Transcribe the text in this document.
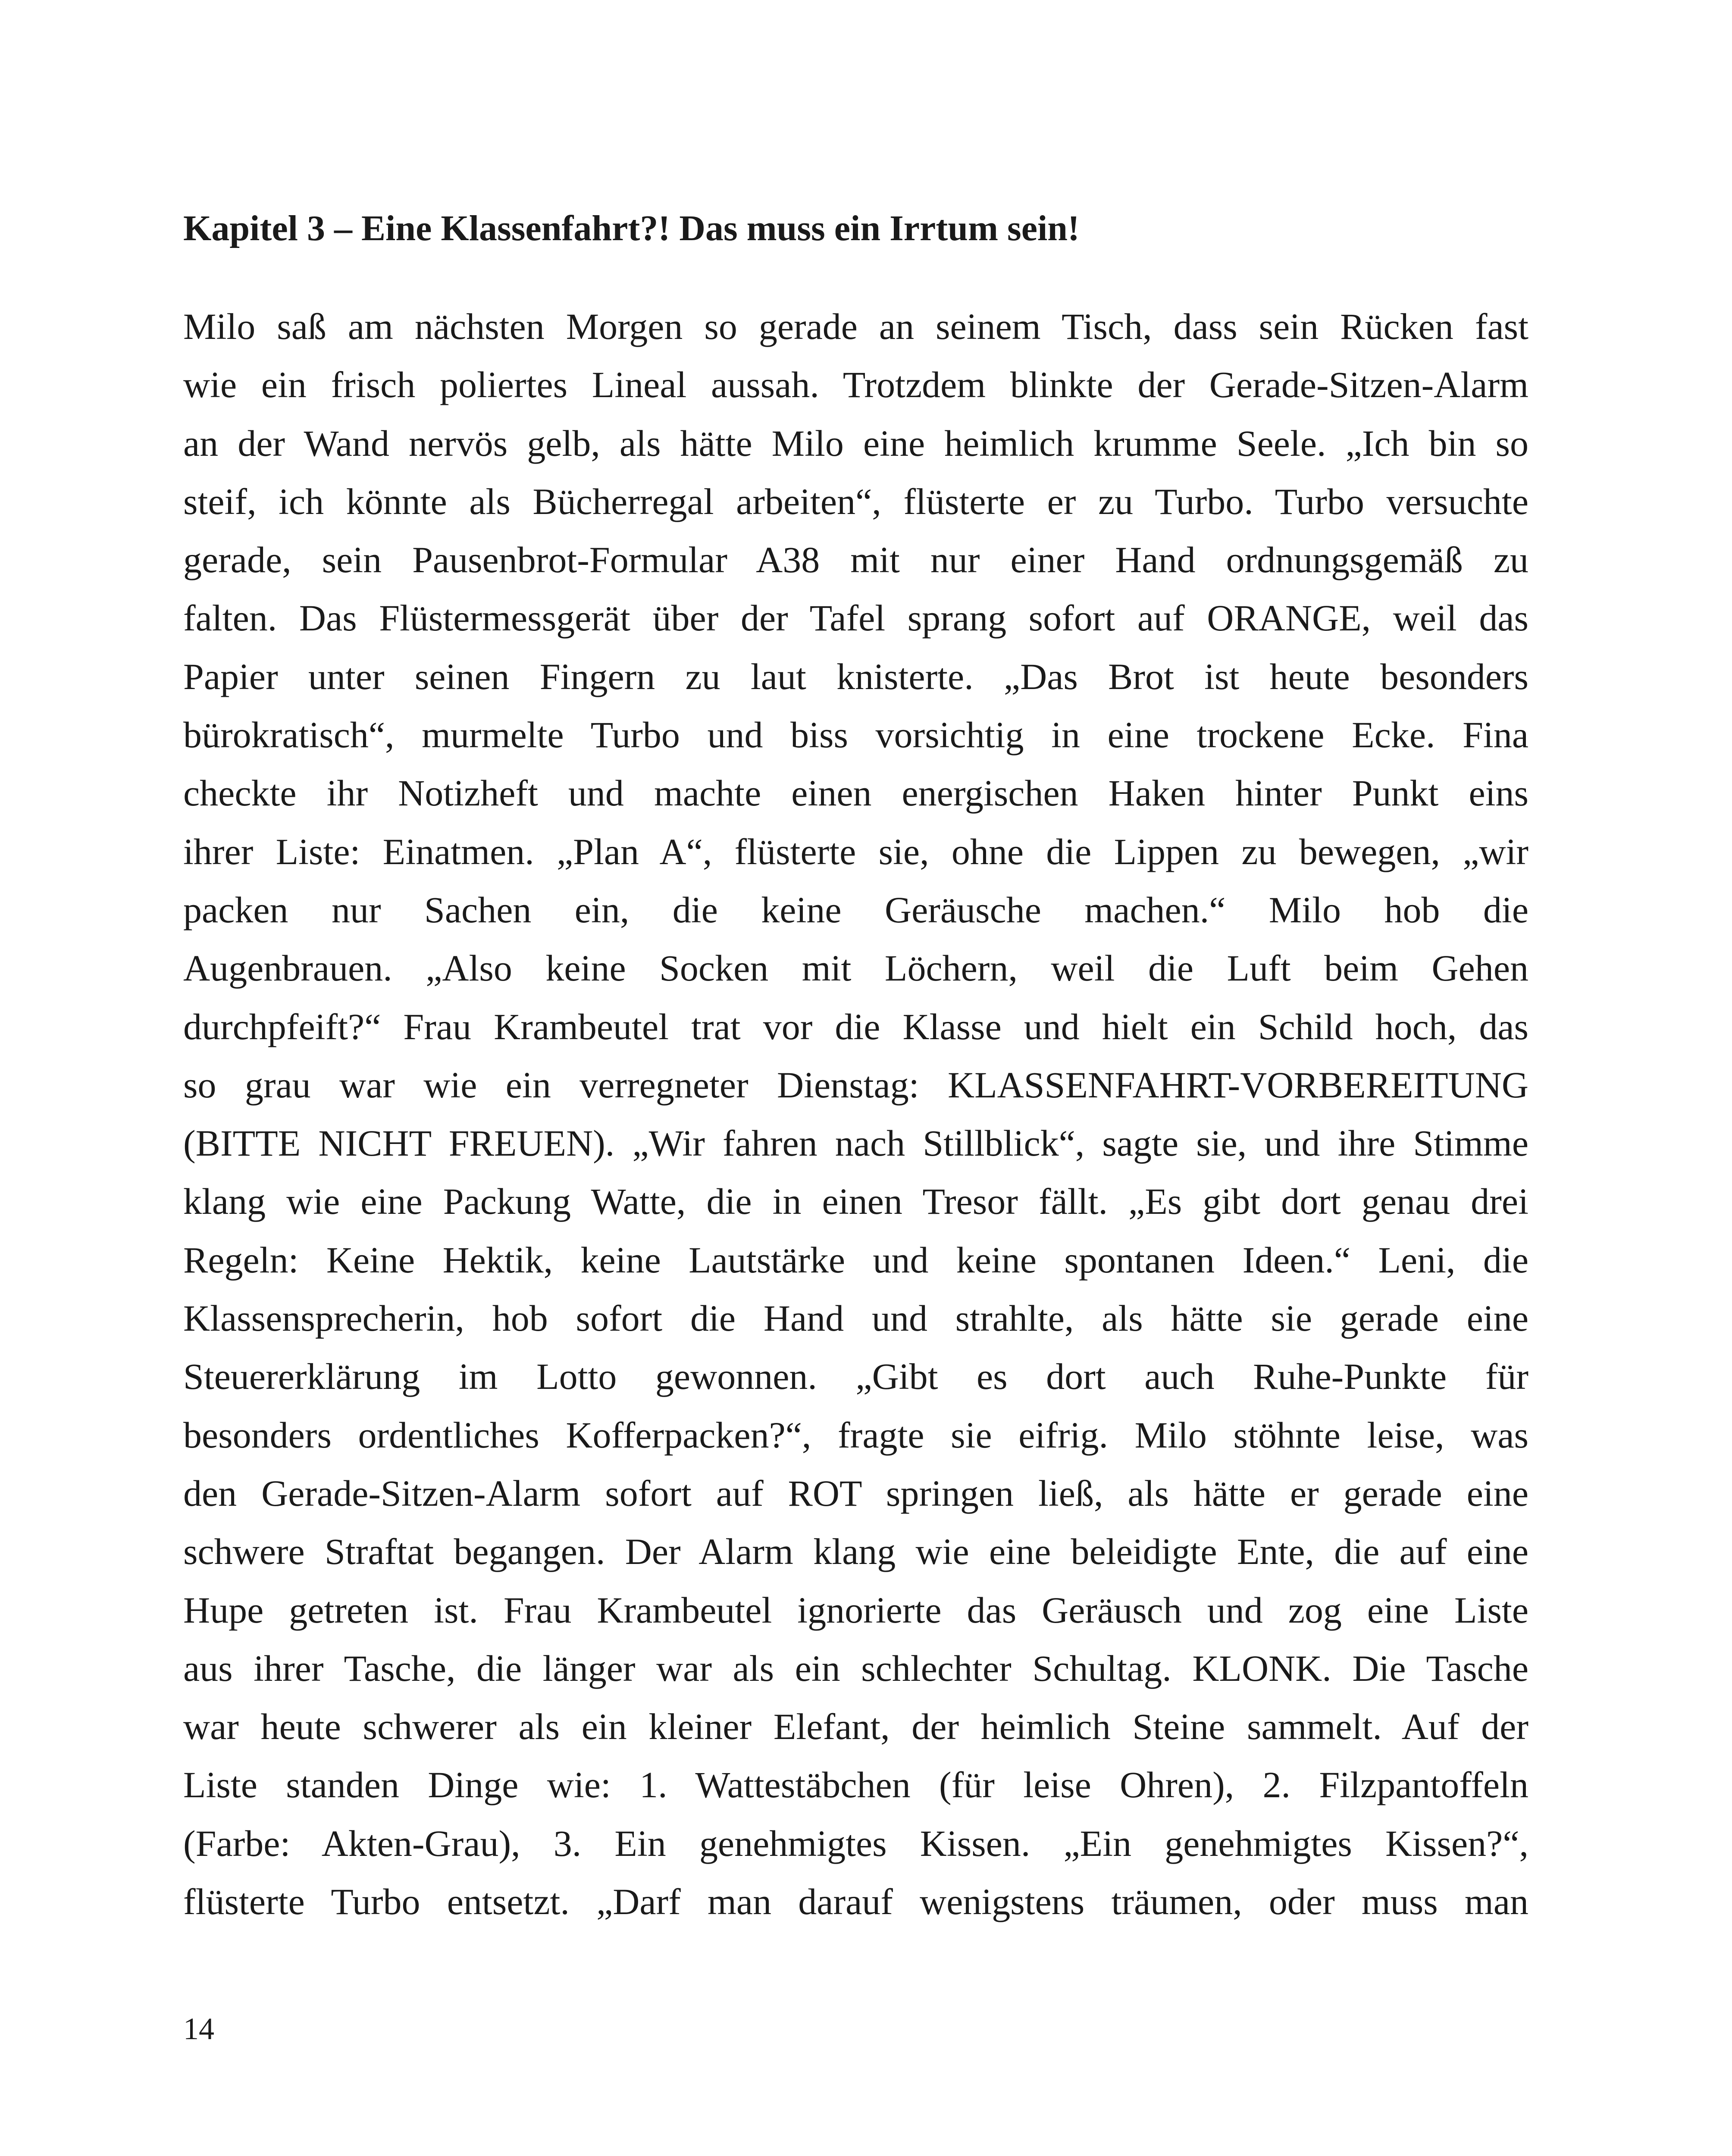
Kapitel 3 – Eine Klassenfahrt?! Das muss ein Irrtum sein!
Milo saß am nächsten Morgen so gerade an seinem Tisch, dass sein Rücken fast
wie ein frisch poliertes Lineal aussah. Trotzdem blinkte der Gerade-Sitzen-Alarm
an der Wand nervös gelb, als hätte Milo eine heimlich krumme Seele. „Ich bin so
steif, ich könnte als Bücherregal arbeiten“, flüsterte er zu Turbo. Turbo versuchte
gerade, sein Pausenbrot-Formular A38 mit nur einer Hand ordnungsgemäß zu
falten. Das Flüstermessgerät über der Tafel sprang sofort auf ORANGE, weil das
Papier unter seinen Fingern zu laut knisterte. „Das Brot ist heute besonders
bürokratisch“, murmelte Turbo und biss vorsichtig in eine trockene Ecke. Fina
checkte ihr Notizheft und machte einen energischen Haken hinter Punkt eins
ihrer Liste: Einatmen. „Plan A“, flüsterte sie, ohne die Lippen zu bewegen, „wir
packen nur Sachen ein, die keine Geräusche machen.“ Milo hob die
Augenbrauen. „Also keine Socken mit Löchern, weil die Luft beim Gehen
durchpfeift?“ Frau Krambeutel trat vor die Klasse und hielt ein Schild hoch, das
so grau war wie ein verregneter Dienstag: KLASSENFAHRT-VORBEREITUNG
(BITTE NICHT FREUEN). „Wir fahren nach Stillblick“, sagte sie, und ihre Stimme
klang wie eine Packung Watte, die in einen Tresor fällt. „Es gibt dort genau drei
Regeln: Keine Hektik, keine Lautstärke und keine spontanen Ideen.“ Leni, die
Klassensprecherin, hob sofort die Hand und strahlte, als hätte sie gerade eine
Steuererklärung im Lotto gewonnen. „Gibt es dort auch Ruhe-Punkte für
besonders ordentliches Kofferpacken?“, fragte sie eifrig. Milo stöhnte leise, was
den Gerade-Sitzen-Alarm sofort auf ROT springen ließ, als hätte er gerade eine
schwere Straftat begangen. Der Alarm klang wie eine beleidigte Ente, die auf eine
Hupe getreten ist. Frau Krambeutel ignorierte das Geräusch und zog eine Liste
aus ihrer Tasche, die länger war als ein schlechter Schultag. KLONK. Die Tasche
war heute schwerer als ein kleiner Elefant, der heimlich Steine sammelt. Auf der
Liste standen Dinge wie: 1. Wattestäbchen (für leise Ohren), 2. Filzpantoffeln
(Farbe: Akten-Grau), 3. Ein genehmigtes Kissen. „Ein genehmigtes Kissen?“,
flüsterte Turbo entsetzt. „Darf man darauf wenigstens träumen, oder muss man
14
